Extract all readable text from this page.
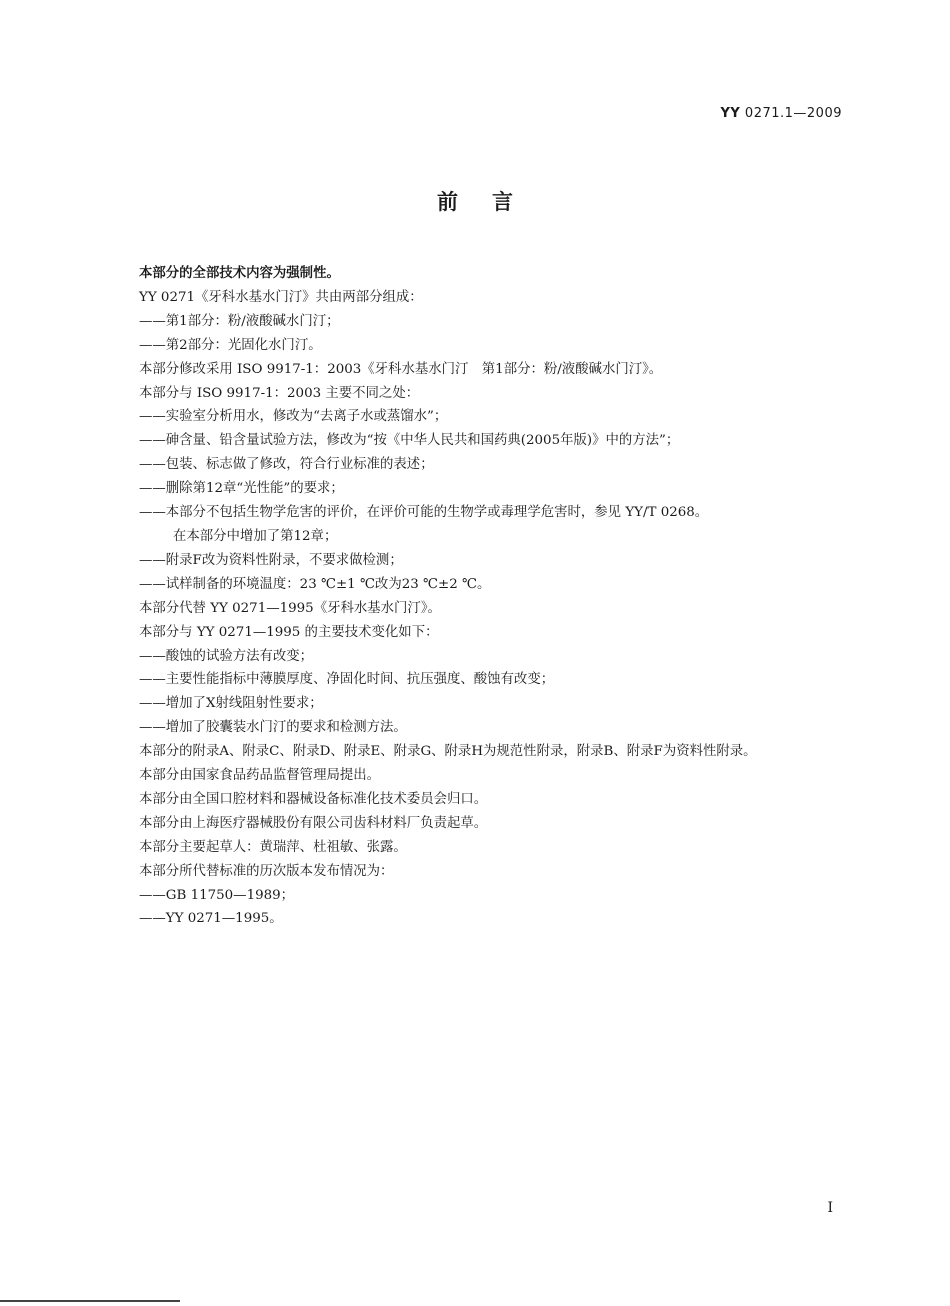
YY 0271.1—2009
前言
本部分的全部技术内容为强制性。
YY 0271《牙科水基水门汀》共由两部分组成：
——第1部分：粉/液酸碱水门汀；
——第2部分：光固化水门汀。
本部分修改采用 ISO 9917-1：2003《牙科水基水门汀　第1部分：粉/液酸碱水门汀》。
本部分与 ISO 9917-1：2003 主要不同之处：
——实验室分析用水，修改为“去离子水或蒸馏水”；
——砷含量、铅含量试验方法，修改为“按《中华人民共和国药典(2005年版)》中的方法”；
——包装、标志做了修改，符合行业标准的表述；
——删除第12章“光性能”的要求；
——本部分不包括生物学危害的评价，在评价可能的生物学或毒理学危害时，参见 YY/T 0268。
在本部分中增加了第12章；
——附录F改为资料性附录，不要求做检测；
——试样制备的环境温度：23 ℃±1 ℃改为23 ℃±2 ℃。
本部分代替 YY 0271—1995《牙科水基水门汀》。
本部分与 YY 0271—1995 的主要技术变化如下：
——酸蚀的试验方法有改变；
——主要性能指标中薄膜厚度、净固化时间、抗压强度、酸蚀有改变；
——增加了X射线阻射性要求；
——增加了胶囊装水门汀的要求和检测方法。
本部分的附录A、附录C、附录D、附录E、附录G、附录H为规范性附录，附录B、附录F为资料性附录。
本部分由国家食品药品监督管理局提出。
本部分由全国口腔材料和器械设备标准化技术委员会归口。
本部分由上海医疗器械股份有限公司齿科材料厂负责起草。
本部分主要起草人：黄瑞萍、杜祖敏、张露。
本部分所代替标准的历次版本发布情况为：
——GB 11750—1989；
——YY 0271—1995。
I
